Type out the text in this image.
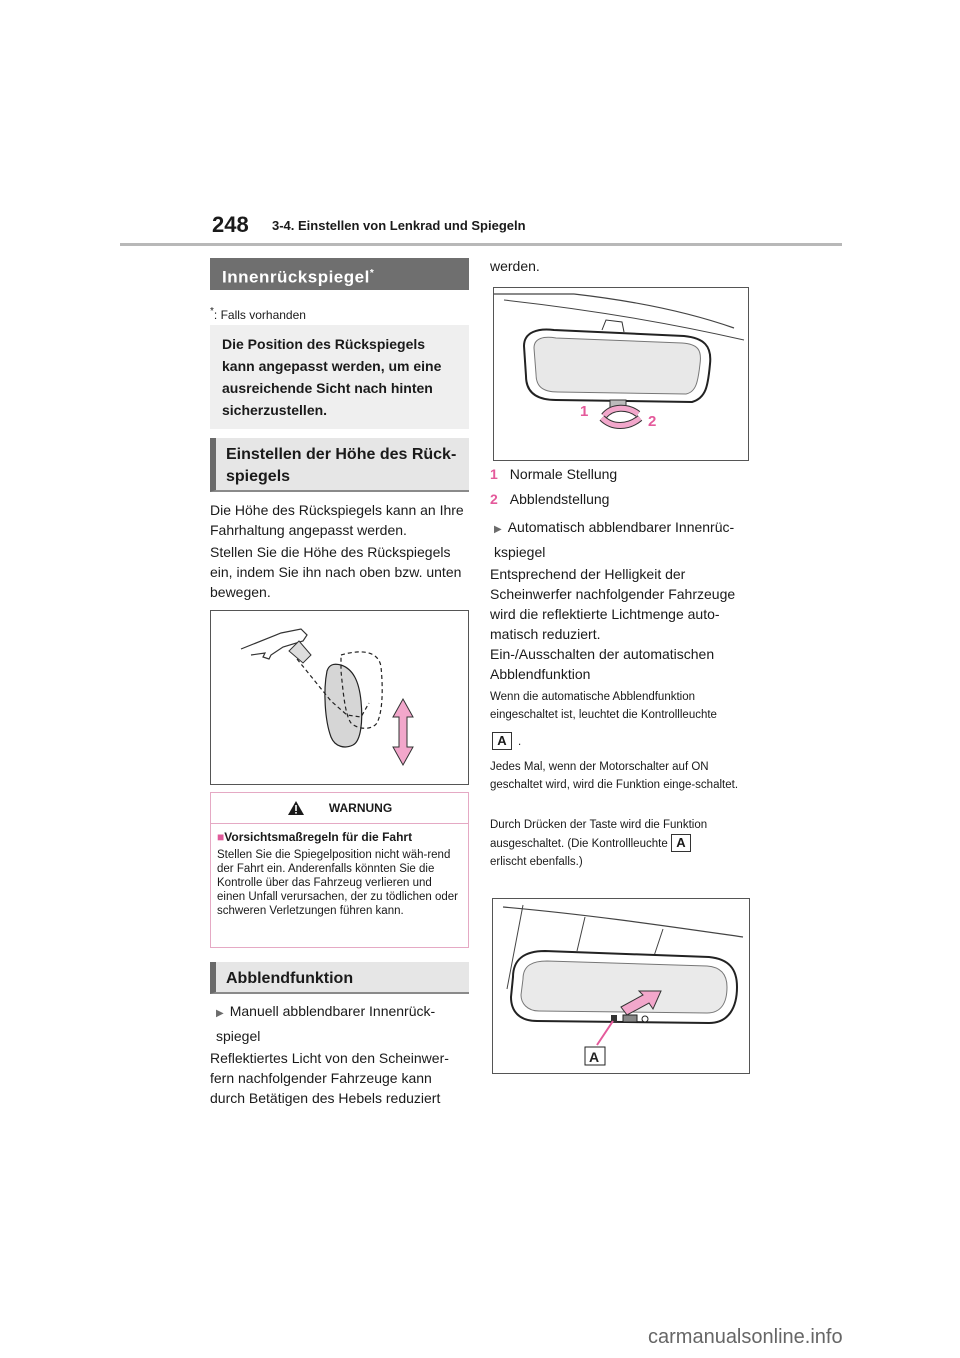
248 3-4. Einstellen von Lenkrad und Spiegeln
Innenrückspiegel*
*: Falls vorhanden
Die Position des Rückspiegels kann angepasst werden, um eine ausreichende Sicht nach hinten sicherzustellen.
Einstellen der Höhe des Rück-spiegels
Die Höhe des Rückspiegels kann an Ihre Fahrhaltung angepasst werden.
Stellen Sie die Höhe des Rückspiegels ein, indem Sie ihn nach oben bzw. unten bewegen.
WARNUNG
■Vorsichtsmaßregeln für die Fahrt
Stellen Sie die Spiegelposition nicht wäh-rend der Fahrt ein. Anderenfalls könnten Sie die Kontrolle über das Fahrzeug verlieren und einen Unfall verursachen, der zu tödlichen oder schweren Verletzungen führen kann.
Abblendfunktion
▶ Manuell abblendbarer Innenrück-spiegel
Reflektiertes Licht von den Scheinwer-fern nachfolgender Fahrzeuge kann durch Betätigen des Hebels reduziert
werden.
1
2
1 Normale Stellung
2 Abblendstellung
▶ Automatisch abblendbarer Innenrüc-kspiegel
Entsprechend der Helligkeit der Scheinwerfer nachfolgender Fahrzeuge wird die reflektierte Lichtmenge auto-matisch reduziert.
Ein-/Ausschalten der automatischen Abblendfunktion
Wenn die automatische Abblendfunktion eingeschaltet ist, leuchtet die Kontrollleuchte
A .
Jedes Mal, wenn der Motorschalter auf ON geschaltet wird, wird die Funktion einge-schaltet.
Durch Drücken der Taste wird die Funktion ausgeschaltet. (Die Kontrollleuchte A
erlischt ebenfalls.)
A
carmanualsonline.info
